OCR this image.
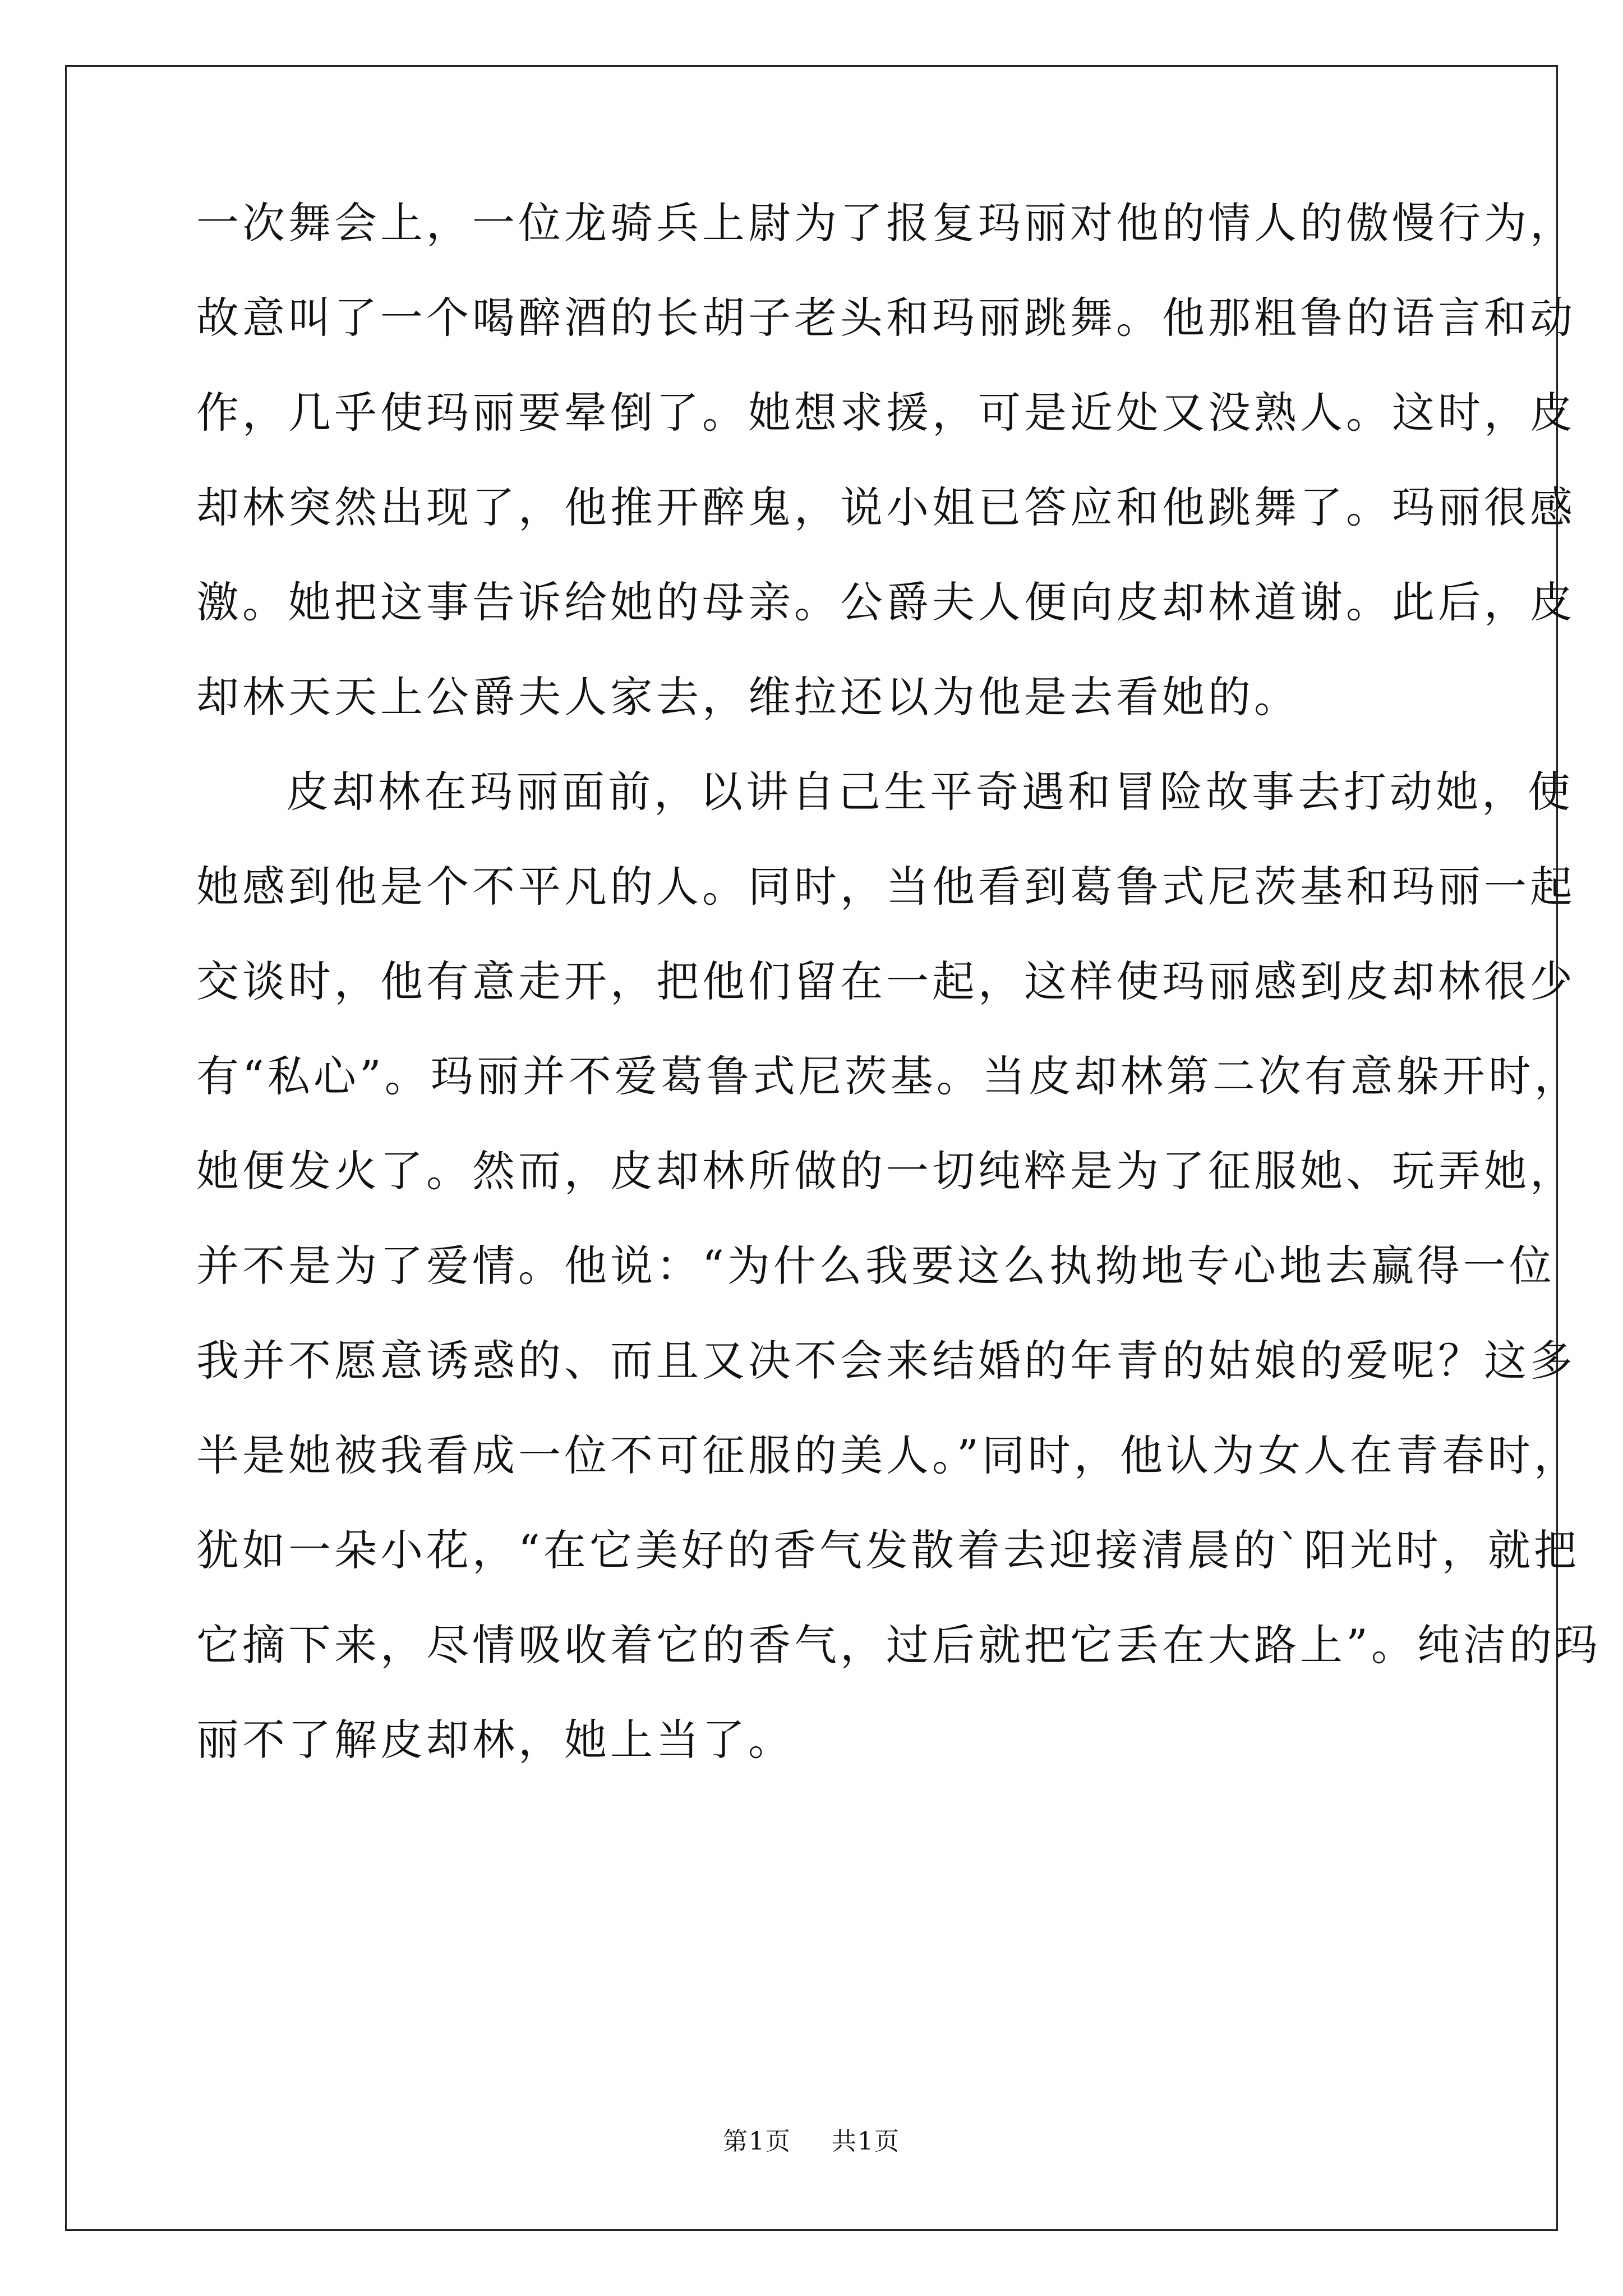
一次舞会上，一位龙骑兵上尉为了报复玛丽对他的情人的傲慢行为，
故意叫了一个喝醉酒的长胡子老头和玛丽跳舞。他那粗鲁的语言和动
作，几乎使玛丽要晕倒了。她想求援，可是近处又没熟人。这时，皮
却林突然出现了，他推开醉鬼，说小姐已答应和他跳舞了。玛丽很感
激。她把这事告诉给她的母亲。公爵夫人便向皮却林道谢。此后，皮
却林天天上公爵夫人家去，维拉还以为他是去看她的。
皮却林在玛丽面前，以讲自己生平奇遇和冒险故事去打动她，使
她感到他是个不平凡的人。同时，当他看到葛鲁式尼茨基和玛丽一起
交谈时，他有意走开，把他们留在一起，这样使玛丽感到皮却林很少
有“私心”。玛丽并不爱葛鲁式尼茨基。当皮却林第二次有意躲开时，
她便发火了。然而，皮却林所做的一切纯粹是为了征服她、玩弄她，
并不是为了爱情。他说：“为什么我要这么执拗地专心地去赢得一位
我并不愿意诱惑的、而且又决不会来结婚的年青的姑娘的爱呢？这多
半是她被我看成一位不可征服的美人。”同时，他认为女人在青春时，
犹如一朵小花，“在它美好的香气发散着去迎接清晨的`阳光时，就把
它摘下来，尽情吸收着它的香气，过后就把它丢在大路上”。纯洁的玛
丽不了解皮却林，她上当了。
第1页 共1页
